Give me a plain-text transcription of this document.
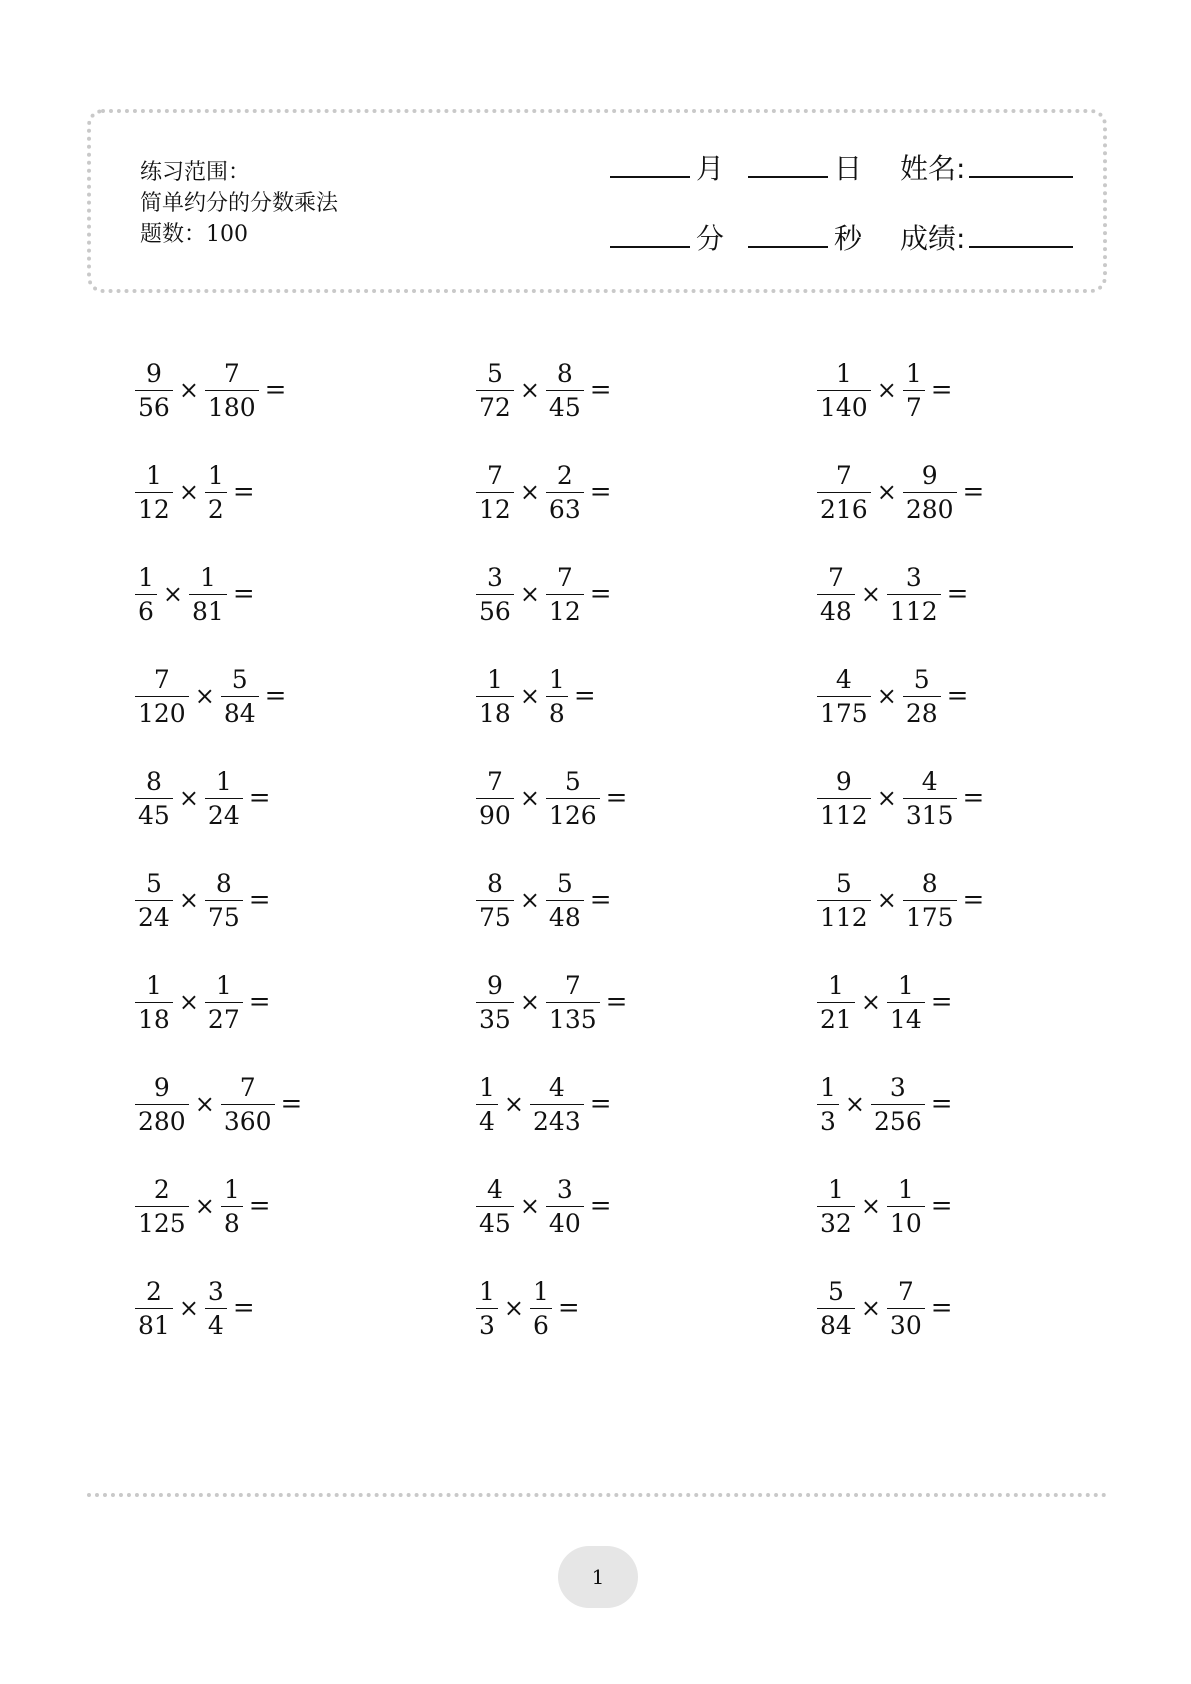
练习范围：
简单约分的分数乘法
题数：100
月	日 姓名:
分	秒 成绩:
$\frac{9}{56} \times \frac{7}{180}$ =	$\frac{5}{72} \times \frac{8}{45}$ =	$\frac{1}{140} \times \frac{1}{7}$ =
$\frac{1}{12} \times \frac{1}{2}$ =	$\frac{7}{12} \times \frac{2}{63}$ =	$\frac{7}{216} \times \frac{9}{280}$ =
$\frac{1}{6} \times \frac{1}{81}$ =	$\frac{3}{56} \times \frac{7}{12}$ =	$\frac{7}{48} \times \frac{3}{112}$ =
$\frac{7}{120} \times \frac{5}{84}$ =	$\frac{1}{18} \times \frac{1}{8}$ =	$\frac{4}{175} \times \frac{5}{28}$ =
$\frac{8}{45} \times \frac{1}{24}$ =	$\frac{7}{90} \times \frac{5}{126}$ =	$\frac{9}{112} \times \frac{4}{315}$ =
$\frac{5}{24} \times \frac{8}{75}$ =	$\frac{8}{75} \times \frac{5}{48}$ =	$\frac{5}{112} \times \frac{8}{175}$ =
$\frac{1}{18} \times \frac{1}{27}$ =	$\frac{9}{35} \times \frac{7}{135}$ =	$\frac{1}{21} \times \frac{1}{14}$ =
$\frac{9}{280} \times \frac{7}{360}$ =	$\frac{1}{4} \times \frac{4}{243}$ =	$\frac{1}{3} \times \frac{3}{256}$ =
$\frac{2}{125} \times \frac{1}{8}$ =	$\frac{4}{45} \times \frac{3}{40}$ =	$\frac{1}{32} \times \frac{1}{10}$ =
$\frac{2}{81} \times \frac{3}{4}$ =	$\frac{1}{3} \times \frac{1}{6}$ =	$\frac{5}{84} \times \frac{7}{30}$ =
1
